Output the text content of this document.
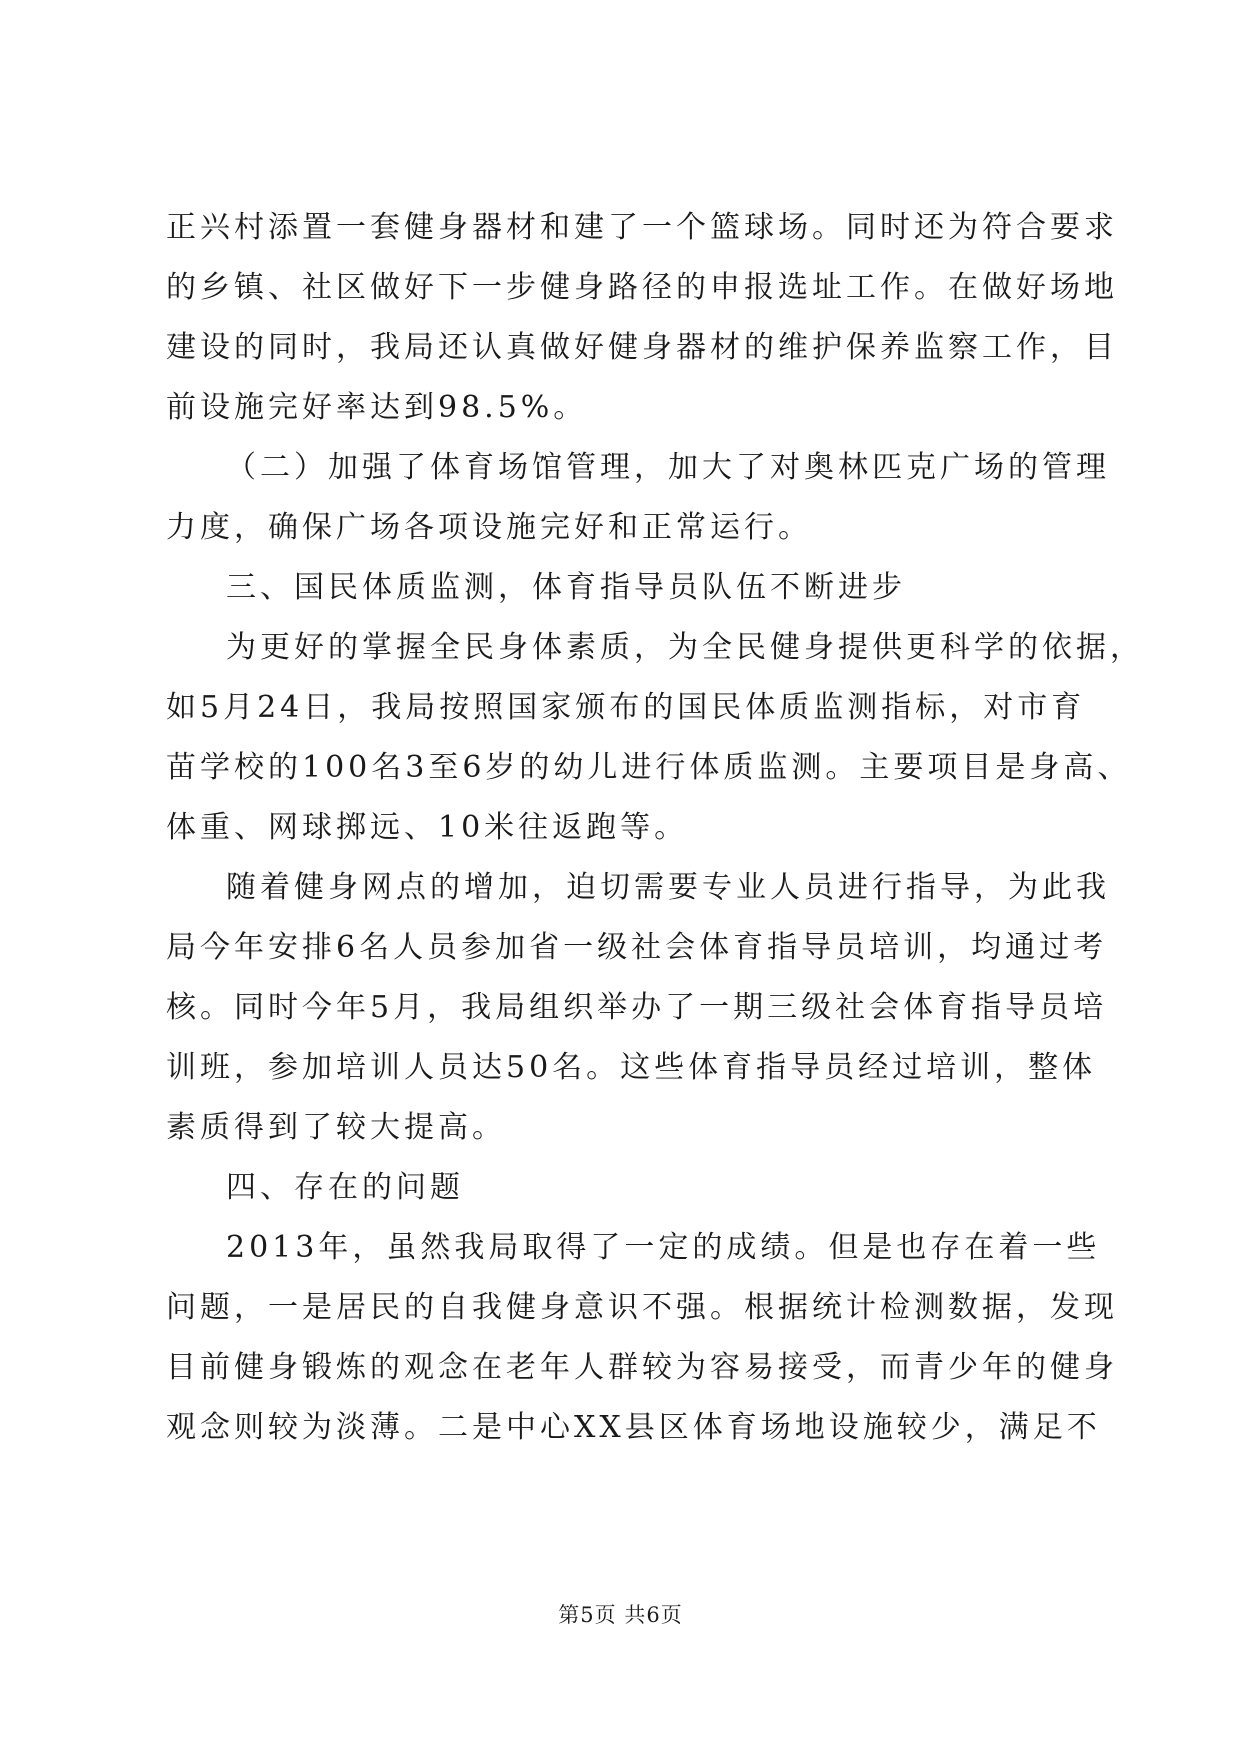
正兴村添置一套健身器材和建了一个篮球场。同时还为符合要求
的乡镇、社区做好下一步健身路径的申报选址工作。在做好场地
建设的同时，我局还认真做好健身器材的维护保养监察工作，目
前设施完好率达到98.5%。
（二）加强了体育场馆管理，加大了对奥林匹克广场的管理
力度，确保广场各项设施完好和正常运行。
三、国民体质监测，体育指导员队伍不断进步
为更好的掌握全民身体素质，为全民健身提供更科学的依据，
如5月24日，我局按照国家颁布的国民体质监测指标，对市育
苗学校的100名3至6岁的幼儿进行体质监测。主要项目是身高、
体重、网球掷远、10米往返跑等。
随着健身网点的增加，迫切需要专业人员进行指导，为此我
局今年安排6名人员参加省一级社会体育指导员培训，均通过考
核。同时今年5月，我局组织举办了一期三级社会体育指导员培
训班，参加培训人员达50名。这些体育指导员经过培训，整体
素质得到了较大提高。
四、存在的问题
2013年，虽然我局取得了一定的成绩。但是也存在着一些
问题，一是居民的自我健身意识不强。根据统计检测数据，发现
目前健身锻炼的观念在老年人群较为容易接受，而青少年的健身
观念则较为淡薄。二是中心XX县区体育场地设施较少，满足不
第5页 共6页
